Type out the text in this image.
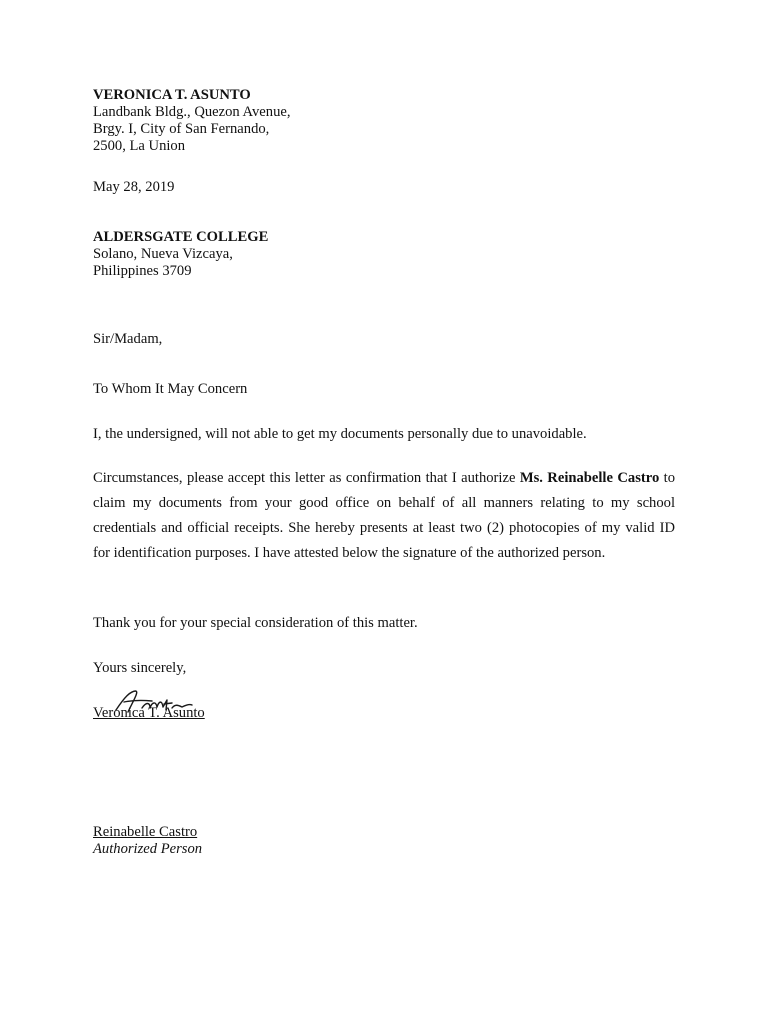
VERONICA T. ASUNTO
Landbank Bldg., Quezon Avenue,
Brgy. I, City of San Fernando,
2500, La Union
May 28, 2019
ALDERSGATE COLLEGE
Solano, Nueva Vizcaya,
Philippines 3709
Sir/Madam,
To Whom It May Concern
I, the undersigned, will not able to get my documents personally due to unavoidable.
Circumstances, please accept this letter as confirmation that I authorize Ms. Reinabelle Castro to claim my documents from your good office on behalf of all manners relating to my school credentials and official receipts. She hereby presents at least two (2) photocopies of my valid ID for identification purposes. I have attested below the signature of the authorized person.
Thank you for your special consideration of this matter.
Yours sincerely,
Veronica T. Asunto
Reinabelle Castro
Authorized Person
